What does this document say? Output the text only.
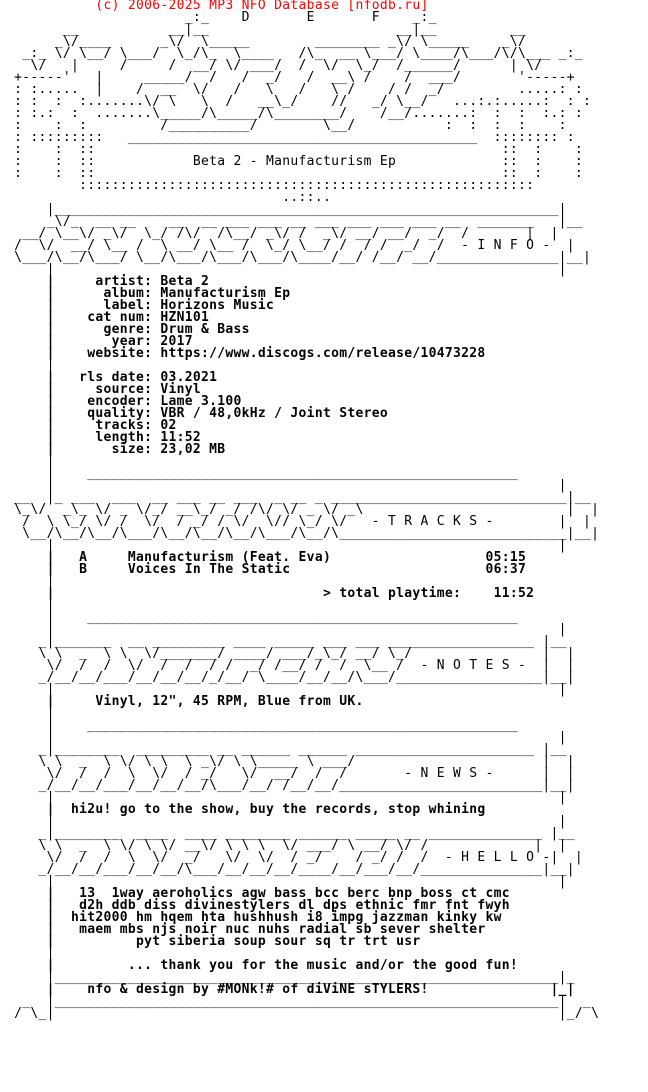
(c) 2006-2025 MP3 NFO Database [nfodb.ru]
_:_    D       E       F    _:_
__           __|__                       __|__         __
_\/____      _\/  \_____        ________ _\/ \_____    _\/
_:_ \/ \__/ \___/  \_/\_  \____   /\_  __ \___/ \____/\___/\/\___ _:_
\/   |     /     /  __/ \/ ___/  /  \/  \_/  /______/      | \/
+-----'   |     _____/  /   /  _/   /  __\ /    /  ___/       '-----+
: :.....  |    /  __  \/   /   \   /   \ /    / /  _/         .....: :
: :  :  :.......\/ \   \  /   __\_/    //   _/ \__/   ...:.:.....:  : :
: :.:  :  .......\_____/\_____/\________/    /__/.......:  :  :  :.: :
:    :  :         /__________/        \__/           :  :  :  :    :
: :::::::::   ___________________________________________  :::::::: :
:    :  ::                                                  ::  :    :
:    :  ::            Beta 2 - Manufacturism Ep             ::  :    :
:    :  ::                                                  ::  :    :
::::::::::::::::::::::::::::::::::::::::::::::::::::::::
..::..
|______________________________________________________________|
_\/_  __ __    __  __ ___ ___ __ ___ ___ ___ ___ __  _______   |__
__/ \__\/ _\/  \_/ /\/  /\__/ _\/ /  _\/ __/ __/  _/  /       |  |
/  \/  __/ \__ /  \ __/ \__ /  \_/ \__/ /  / /  _/  /  - I N F O -  |
\___/\__/\___/ \__/\___/\___/\___/\____/__/ /__/ __/_______________|__|
|                                                              |
|     artist: Beta 2
|      album: Manufacturism Ep
|      label: Horizons Music
|    cat num: HZN101
|      genre: Drum & Bass
|       year: 2017
|    website: https://www.discogs.com/release/10473228
|
|   rls date: 03.2021
|     source: Vinyl
|    encoder: Lame 3.100
|    quality: VBR / 48,0kHz / Joint Stereo
|     tracks: 02
|     length: 11:52
|       size: 23,02 MB
|
|    _____________________________________________________
|                                                              |
__  |_ ___  ___  __ ___ __ ___  _ __ _ _____________________________|__
\_\/  _\_ \/ _ \/_/ __\_/ _/ /\/ \/ _ \/ _\                         |  |
/  \ \_/ \/ /  \/  / _/ / \/  \// \_/ \/   - T R A C K S -        |  |
\__/\__/\__/\___/\__/\__/\__/\___/\__/\____________________________|__|
|                                                              |
|   A     Manufacturism (Feat. Eva)                   05:15
|   B     Voices In The Static                        06:37
|
|                                 > total playtime:    11:52
|
|    _____________________________________________________
|                                                              |
_|_______  __ _________ ____ _____ ___ ___ __________________ |__
\ \  _  \ \  \/_______/ ____/ ___/_\_/ __/ \_/                |  |
\/  /  /  \/  /  /  / /  _/ /__/ /  /  \__ /  - N O T E S -  |  |
_/__/__/___/__/__/__/_/__/ \____/__/__/\___/__________________|__|
|                                                              |
|     Vinyl, 12", 45 RPM, Blue from UK.
|
|    _____________________________________________________
|                                                              |
_|________  _________ __ ______ ______ ______________________ |__
\ \  _  \ \/ \ \  \ _\/ \ \_____ \ ___/                       |  |
\/  /  /  \  \/  / _/   \/  __/  /  /       - N E W S -      |  |
_/__/__/___/__/__/__/\___/__/ /__/__/_________________________|__|
|                                                              |
|  hi2u! go to the show, buy the records, stop whining
|                                                              |
_|________  ____  ____ ________ ______ _____ __ ______________ |__
\ \  _  \ \/ \ \/ __\/ \ \ \  \/ ___/ \ __/ \/ /             |  |
\/  /  /  \  \/  _/   \/  \/  / _/    / _/ /  /  - H E L L O -|  |
_/__/__/___/__/__/\___/__/__/__/____/__/___/__/_______________|__|
|                                                              |
|   13  1way aeroholics agw bass bcc berc bnp boss ct cmc
|   d2h ddb diss divinestylers dl dps ethnic fmr fnt fwyh
|  hit2000 hm hqem hta hushhush i8 impg jazzman kinky kw
|   maem mbs njs noir nuc nuhs radial sb sever shelter
|          pyt siberia soup sour sq tr trt usr
|
|         ... thank you for the music and/or the good fun!
|______________________________________________________________|_
|    nfo & design by #MONk!# of diViNE sTYLERS!               |_|
_  |______________________________________________________________|  _
/ \_|                                                              |_/ \
